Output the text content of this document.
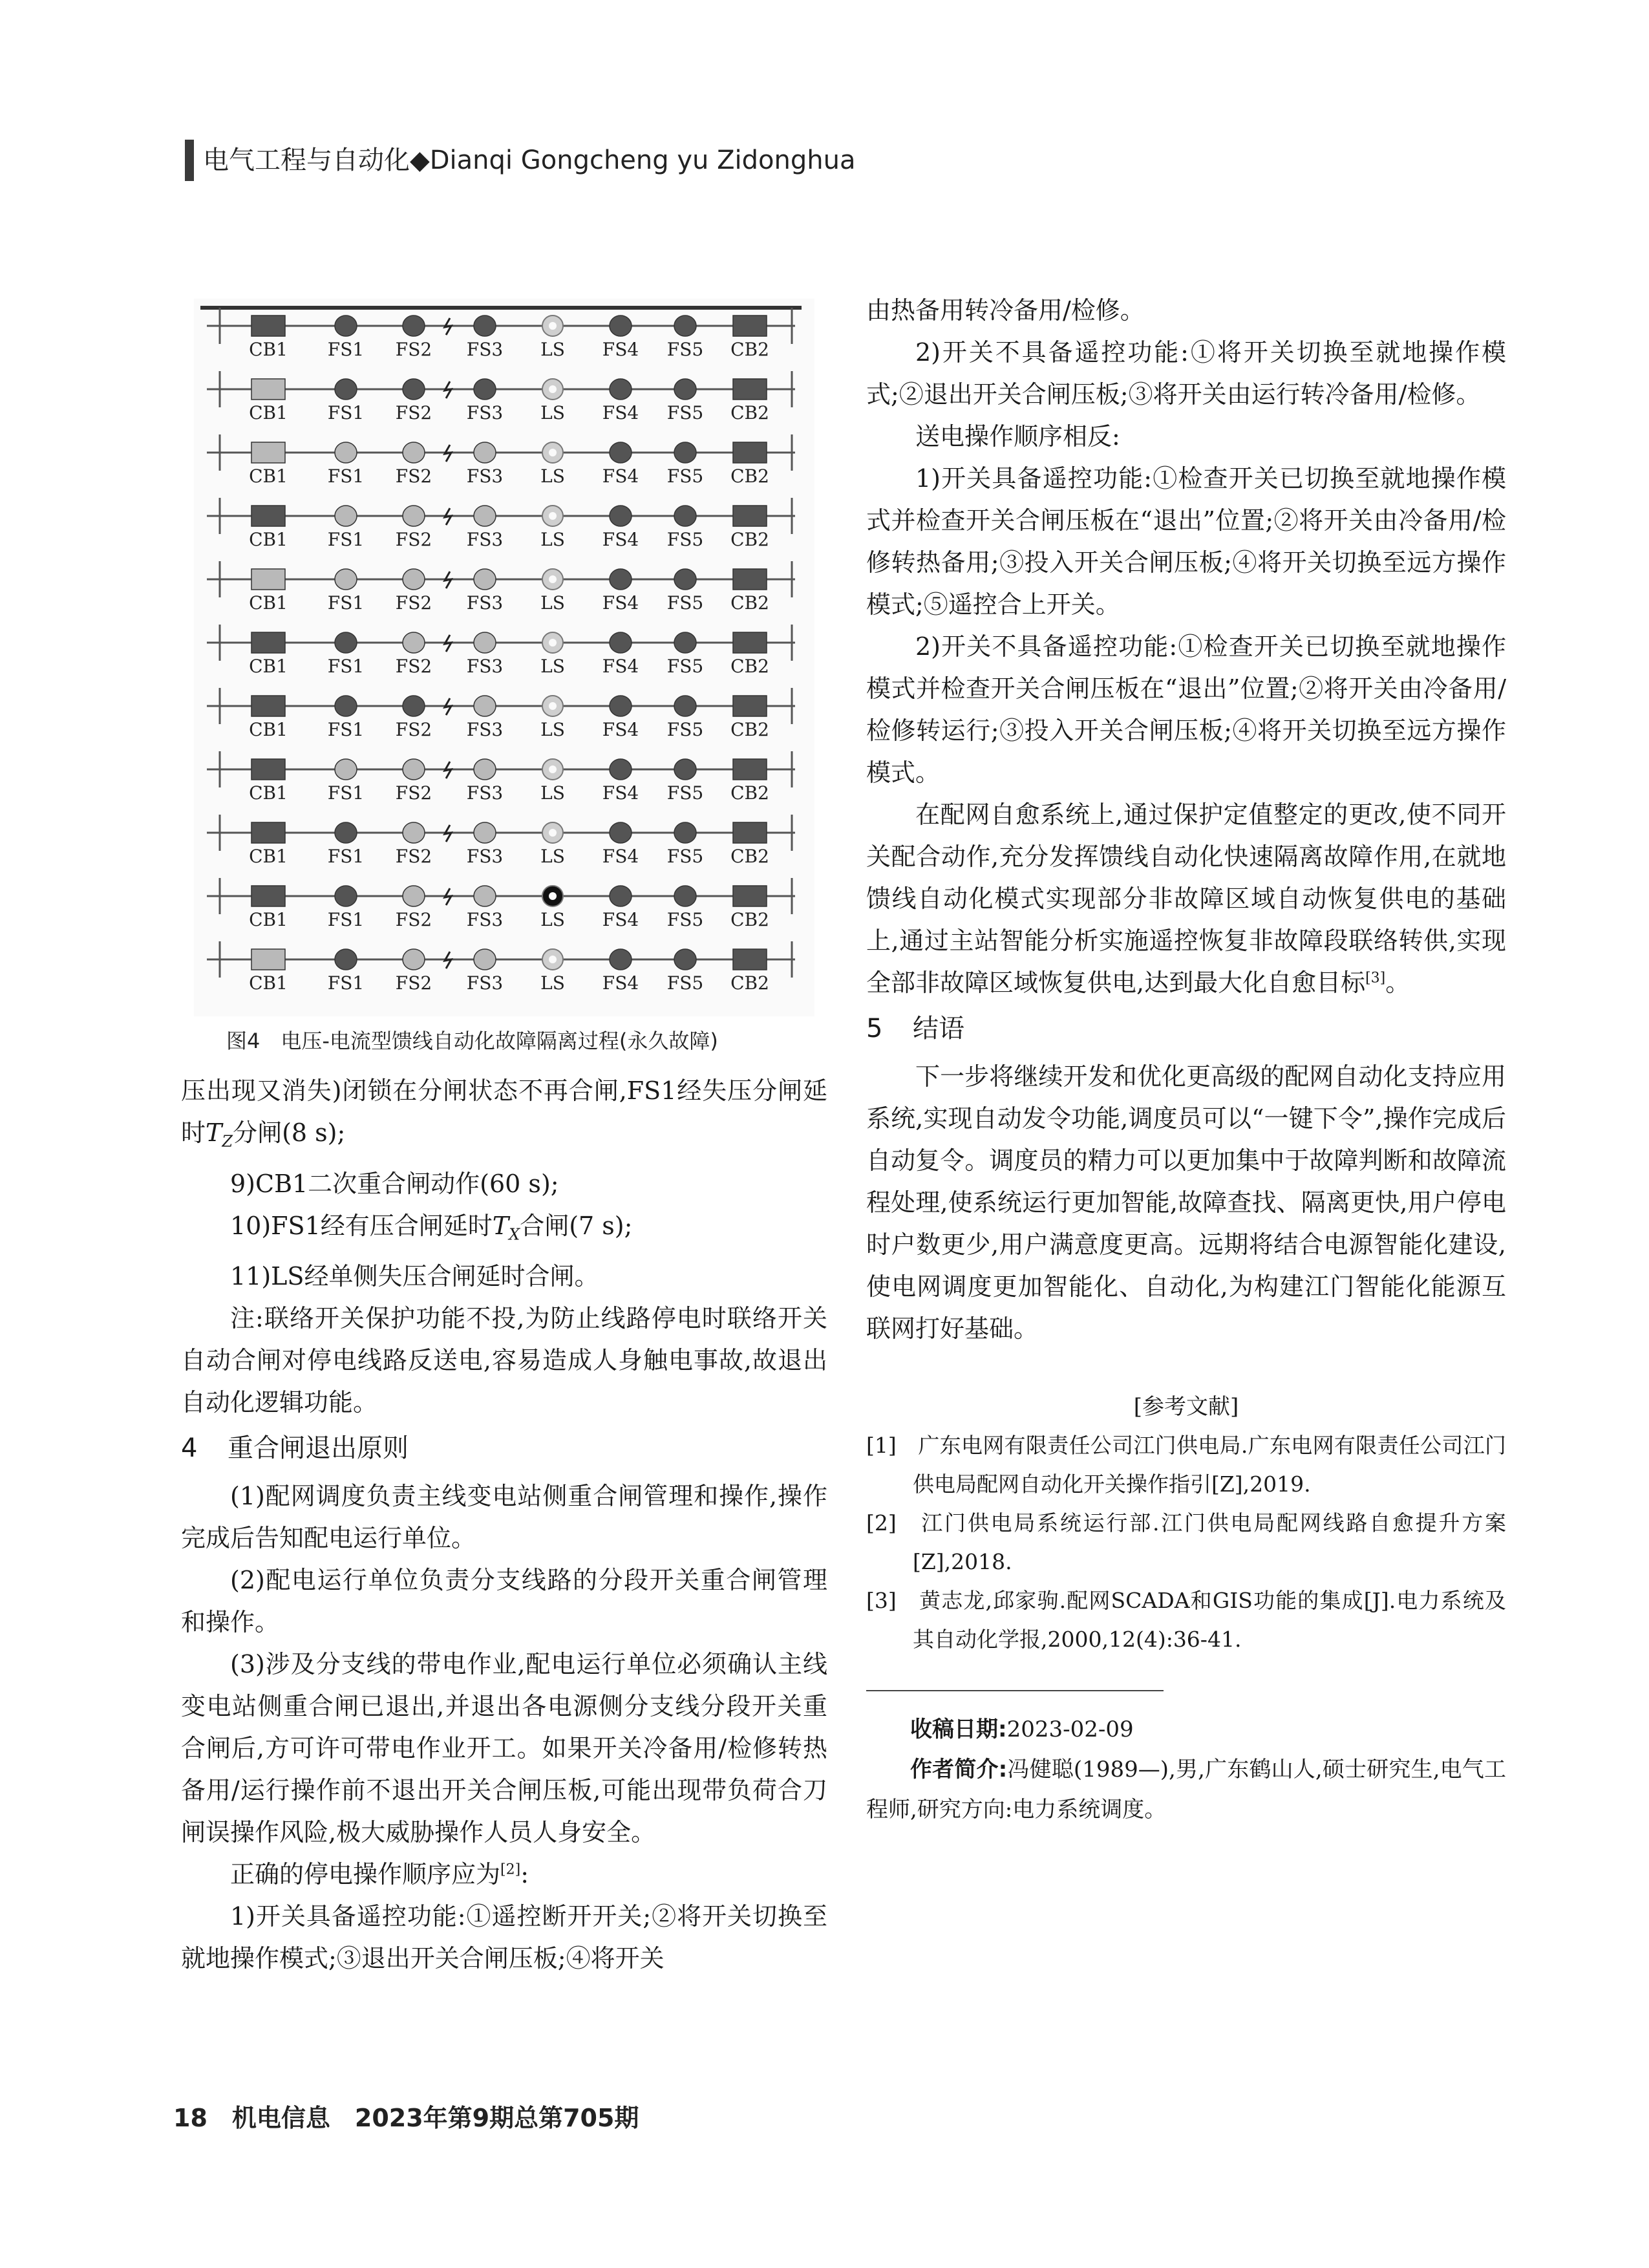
电气工程与自动化◆Dianqi Gongcheng yu Zidonghua
CB1 FS1 FS2 FS3 LS FS4 FS5 CB2
CB1 FS1 FS2 FS3 LS FS4 FS5 CB2
CB1 FS1 FS2 FS3 LS FS4 FS5 CB2
CB1 FS1 FS2 FS3 LS FS4 FS5 CB2
CB1 FS1 FS2 FS3 LS FS4 FS5 CB2
CB1 FS1 FS2 FS3 LS FS4 FS5 CB2
CB1 FS1 FS2 FS3 LS FS4 FS5 CB2
CB1 FS1 FS2 FS3 LS FS4 FS5 CB2
CB1 FS1 FS2 FS3 LS FS4 FS5 CB2
CB1 FS1 FS2 FS3 LS FS4 FS5 CB2
CB1 FS1 FS2 FS3 LS FS4 FS5 CB2
图4　电压-电流型馈线自动化故障隔离过程(永久故障)

压出现又消失)闭锁在分闸状态不再合闸,FS1经失压分闸延时$T_Z$分闸(8 s);

9)CB1二次重合闸动作(60 s);

10)FS1经有压合闸延时$T_X$合闸(7 s);

11)LS经单侧失压合闸延时合闸。

注:联络开关保护功能不投,为防止线路停电时联络开关自动合闸对停电线路反送电,容易造成人身触电事故,故退出自动化逻辑功能。

4 重合闸退出原则

(1)配网调度负责主线变电站侧重合闸管理和操作,操作完成后告知配电运行单位。

(2)配电运行单位负责分支线路的分段开关重合闸管理和操作。

(3)涉及分支线的带电作业,配电运行单位必须确认主线变电站侧重合闸已退出,并退出各电源侧分支线分段开关重合闸后,方可许可带电作业开工。如果开关冷备用/检修转热备用/运行操作前不退出开关合闸压板,可能出现带负荷合刀闸误操作风险,极大威胁操作人员人身安全。

正确的停电操作顺序应为[2]:

1)开关具备遥控功能:①遥控断开开关;②将开关切换至就地操作模式;③退出开关合闸压板;④将开关

由热备用转冷备用/检修。

2)开关不具备遥控功能:①将开关切换至就地操作模式;②退出开关合闸压板;③将开关由运行转冷备用/检修。

送电操作顺序相反:

1)开关具备遥控功能:①检查开关已切换至就地操作模式并检查开关合闸压板在“退出”位置;②将开关由冷备用/检修转热备用;③投入开关合闸压板;④将开关切换至远方操作模式;⑤遥控合上开关。

2)开关不具备遥控功能:①检查开关已切换至就地操作模式并检查开关合闸压板在“退出”位置;②将开关由冷备用/检修转运行;③投入开关合闸压板;④将开关切换至远方操作模式。

在配网自愈系统上,通过保护定值整定的更改,使不同开关配合动作,充分发挥馈线自动化快速隔离故障作用,在就地馈线自动化模式实现部分非故障区域自动恢复供电的基础上,通过主站智能分析实施遥控恢复非故障段联络转供,实现全部非故障区域恢复供电,达到最大化自愈目标[3]。

5 结语

下一步将继续开发和优化更高级的配网自动化支持应用系统,实现自动发令功能,调度员可以“一键下令”,操作完成后自动复令。调度员的精力可以更加集中于故障判断和故障流程处理,使系统运行更加智能,故障查找、隔离更快,用户停电时户数更少,用户满意度更高。远期将结合电源智能化建设,使电网调度更加智能化、自动化,为构建江门智能化能源互联网打好基础。

[参考文献]

[1]　广东电网有限责任公司江门供电局.广东电网有限责任公司江门供电局配网自动化开关操作指引[Z],2019.

[2]　江门供电局系统运行部.江门供电局配网线路自愈提升方案[Z],2018.

[3]　黄志龙,邱家驹.配网SCADA和GIS功能的集成[J].电力系统及其自动化学报,2000,12(4):36-41.

收稿日期:2023-02-09

作者简介:冯健聪(1989—),男,广东鹤山人,硕士研究生,电气工程师,研究方向:电力系统调度。

18　机电信息　2023年第9期总第705期
